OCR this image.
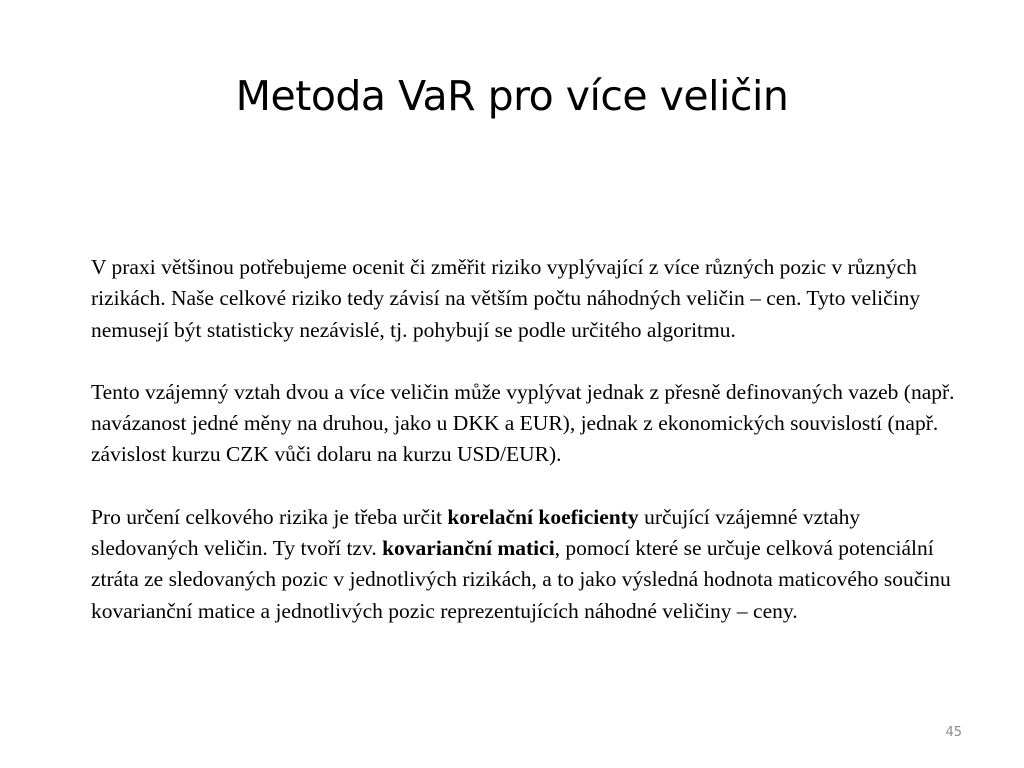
Metoda VaR pro více veličin

V praxi většinou potřebujeme ocenit či změřit riziko vyplývající z více různých pozic v různých rizikách. Naše celkové riziko tedy závisí na větším počtu náhodných veličin – cen. Tyto veličiny nemusejí být statisticky nezávislé, tj. pohybují se podle určitého algoritmu.

Tento vzájemný vztah dvou a více veličin může vyplývat jednak z přesně definovaných vazeb (např. navázanost jedné měny na druhou, jako u DKK a EUR), jednak z ekonomických souvislostí (např. závislost kurzu CZK vůči dolaru na kurzu USD/EUR).

Pro určení celkového rizika je třeba určit korelační koeficienty určující vzájemné vztahy sledovaných veličin. Ty tvoří tzv. kovarianční matici, pomocí které se určuje celková potenciální ztráta ze sledovaných pozic v jednotlivých rizikách, a to jako výsledná hodnota maticového součinu kovarianční matice a jednotlivých pozic reprezentujících náhodné veličiny – ceny.

45
